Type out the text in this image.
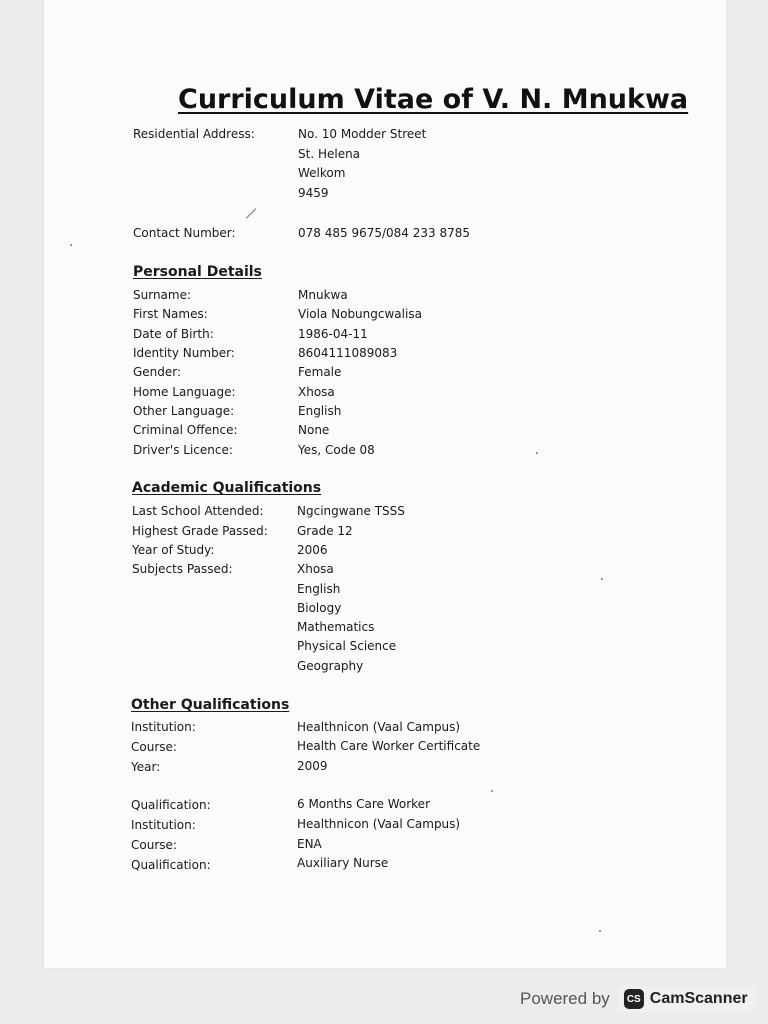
Curriculum Vitae of V. N. Mnukwa
Residential Address:	No. 10 Modder Street
St. Helena
Welkom
9459
Contact Number:	078 485 9675/084 233 8785
Personal Details
Surname:	Mnukwa
First Names:	Viola Nobungcwalisa
Date of Birth:	1986-04-11
Identity Number:	8604111089083
Gender:	Female
Home Language:	Xhosa
Other Language:	English
Criminal Offence:	None
Driver's Licence:	Yes, Code 08
Academic Qualifications
Last School Attended:	Ngcingwane TSSS
Highest Grade Passed: Grade 12
Year of Study:	2006
Subjects Passed:	Xhosa
English
Biology
Mathematics
Physical Science
Geography
Other Qualifications
Institution:	Healthnicon (Vaal Campus)
Course:	Health Care Worker Certificate
Year:	2009
Qualification:	6 Months Care Worker
Institution:	Healthnicon (Vaal Campus)
Course:	ENA
Qualification:	Auxiliary Nurse
Powered by	CS CamScanner
